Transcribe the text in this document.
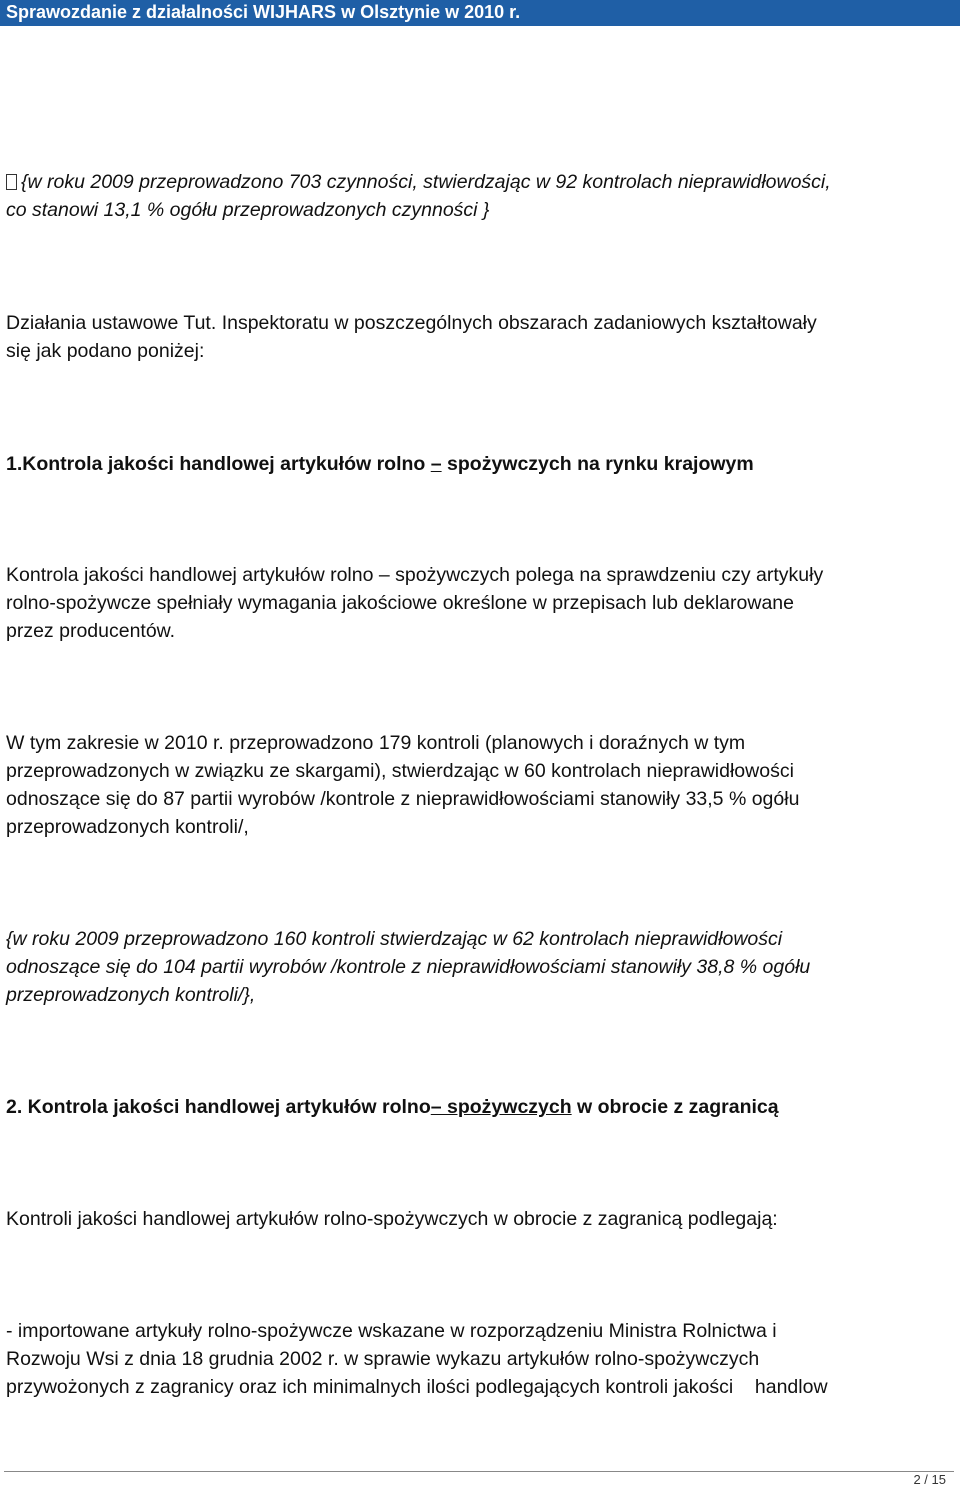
Sprawozdanie z działalności WIJHARS w Olsztynie w 2010 r.
{w roku 2009 przeprowadzono 703 czynności, stwierdzając w 92 kontrolach nieprawidłowości,
co stanowi 13,1 % ogółu przeprowadzonych czynności }
Działania ustawowe Tut. Inspektoratu w poszczególnych obszarach zadaniowych kształtowały
się jak podano poniżej:
1.Kontrola jakości handlowej artykułów rolno – spożywczych na rynku krajowym
Kontrola jakości handlowej artykułów rolno – spożywczych polega na sprawdzeniu czy artykuły
rolno-spożywcze spełniały wymagania jakościowe określone w przepisach lub deklarowane
przez producentów.
W tym zakresie w 2010 r. przeprowadzono 179 kontroli (planowych i doraźnych w tym
przeprowadzonych w związku ze skargami), stwierdzając w 60 kontrolach nieprawidłowości
odnoszące się do 87 partii wyrobów /kontrole z nieprawidłowościami stanowiły 33,5 % ogółu
przeprowadzonych kontroli/,
{w roku 2009 przeprowadzono 160 kontroli stwierdzając w 62 kontrolach nieprawidłowości
odnoszące się do 104 partii wyrobów /kontrole z nieprawidłowościami stanowiły 38,8 % ogółu
przeprowadzonych kontroli/},
2. Kontrola jakości handlowej artykułów rolno– spożywczych w obrocie z zagranicą
Kontroli jakości handlowej artykułów rolno-spożywczych w obrocie z zagranicą podlegają:
- importowane artykuły rolno-spożywcze wskazane w rozporządzeniu Ministra Rolnictwa i
Rozwoju Wsi z dnia 18 grudnia 2002 r. w sprawie wykazu artykułów rolno-spożywczych
przywożonych z zagranicy oraz ich minimalnych ilości podlegających kontroli jakości    handlow
2 / 15
